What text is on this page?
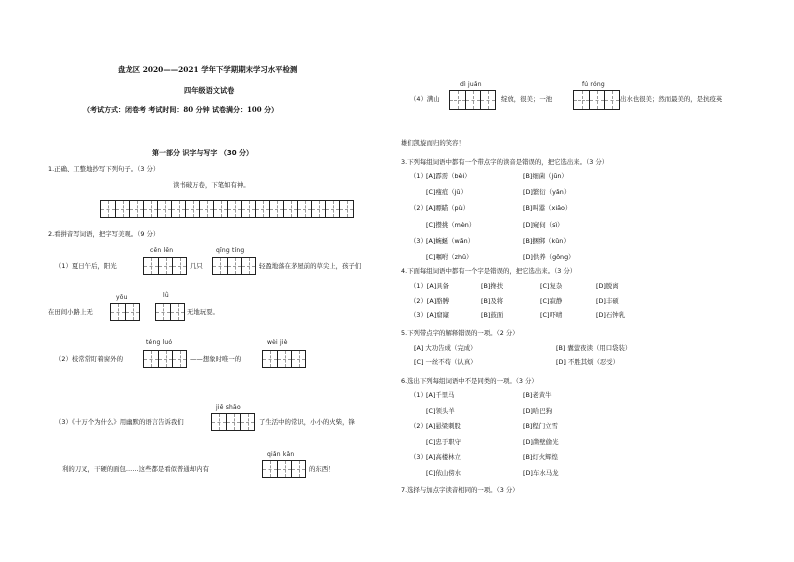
盘龙区 2020——2021 学年下学期期末学习水平检测
四年级语文试卷
（考试方式：闭卷考 考试时间：80 分钟 试卷满分：100 分）
第一部分 识字与写字 （30 分）
1.正确、工整地抄写下列句子。（3 分）
读书破万卷，下笔如有神。
2.看拼音写词语，把字写美观。（9 分）
cēn lēn	qīng tíng
（1）夏日午后，阳光	几只	轻盈地落在茅屋前的草尖上，孩子们
yōu	lǜ
在田间小路上无	无地玩耍。
téng luó	wèi jiè
（2）枝常常盯着窗外的	——想象时唯一的
jiē shāo
（3）《十万个为什么》用幽默的语言告诉我们	了生活中的常识，小小的火柴，锋
qiǎn kǎn
利的刀叉，干硬的面包……这些都是看似普通却内有	的东西！
dì juǎn	fú róng
（4）满山	绽放，很美；一池	出水也很美；然而最美的，是抗疫英
雄们凯旋而归的笑容！
3.下列每组词语中都有一个带点字的读音是错误的，把它选出来。（3 分）
（1） [A]霹雳（bèi）	[B]细菌（jūn）
[C]瘦疽（jū）	[D]繁衍（yǎn）
（2） [A]瞟瞄（pù）	[B]叫嚣（xiāo）
[C]攒挑（mèn）	[D]窥伺（sì）
（3） [A]蜿蜒（wǎn）	[B]捆绑（kǔn）
[C]嘱咐（zhǔ）	[D]供养（gōng）
4.下面每组词语中都有一个字是错误的，把它选出来。（3 分）
（1）[A]具备	[B]搀扶	[C]复杂	[D]脱离
（2）[A]胳膊	[B]及将	[C]寂静	[D]丰硕
（3）[A]窟窿	[B]鼓面	[C]吓晴	[D]石钟乳
5.下列带点字的解释错误的一项。（2 分）
[A] 大功告成（完成）	[B] 囊萤夜读（用口袋装）
[C] 一丝不苟（认真）	[D] 不胜其烦（忍受）
6.选出下列每组词语中不是同类的一项。（3 分）
（1） [A]千里马	[B]老黄牛
[C]领头羊	[D]哈巴狗
（2） [A]悬梁刺股	[B]程门立雪
[C]忠于职守	[D]凿壁偷光
（3） [A]高楼林立	[B]灯火辉煌
[C]依山傍水	[D]车水马龙
7.选择与加点字读音相同的一项。（3 分）
